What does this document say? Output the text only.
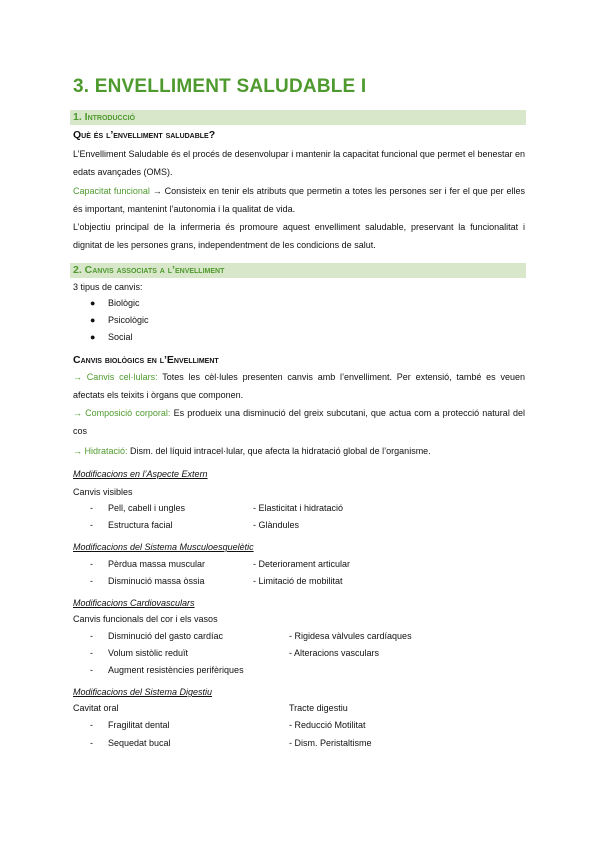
3. ENVELLIMENT SALUDABLE I
1. Introducció
Què és l’envelliment saludable?
L’Envelliment Saludable és el procés de desenvolupar i mantenir la capacitat funcional que permet el benestar en edats avançades (OMS).
Capacitat funcional → Consisteix en tenir els atributs que permetin a totes les persones ser i fer el que per elles és important, mantenint l’autonomia i la qualitat de vida.
L’objectiu principal de la infermeria és promoure aquest envelliment saludable, preservant la funcionalitat i dignitat de les persones grans, independentment de les condicions de salut.
2. Canvis associats a l’envelliment
3 tipus de canvis:
● Biològic
● Psicològic
● Social
Canvis biològics en l’Envelliment
→ Canvis cel·lulars: Totes les cèl·lules presenten canvis amb l’envelliment. Per extensió, també es veuen afectats els teixits i òrgans que componen.
→ Composició corporal: Es produeix una disminució del greix subcutani, que actua com a protecció natural del cos
→ Hidratació: Dism. del líquid intracel·lular, que afecta la hidratació global de l’organisme.
Modificacions en l’Aspecte Extern
Canvis visibles
- Pell, cabell i ungles	- Elasticitat i hidratació
- Estructura facial	- Glàndules
Modificacions del Sistema Musculoesquelètic
- Pèrdua massa muscular	- Deteriorament articular
- Disminució massa òssia	- Limitació de mobilitat
Modificacions Cardiovasculars
Canvis funcionals del cor i els vasos
- Disminució del gasto cardíac	- Rigidesa vàlvules cardíaques
- Volum sistòlic reduït	- Alteracions vasculars
- Augment resistències perifèriques
Modificacions del Sistema Digestiu
Cavitat oral	Tracte digestiu
- Fragilitat dental	- Reducció Motilitat
- Sequedat bucal	- Dism. Peristaltisme
